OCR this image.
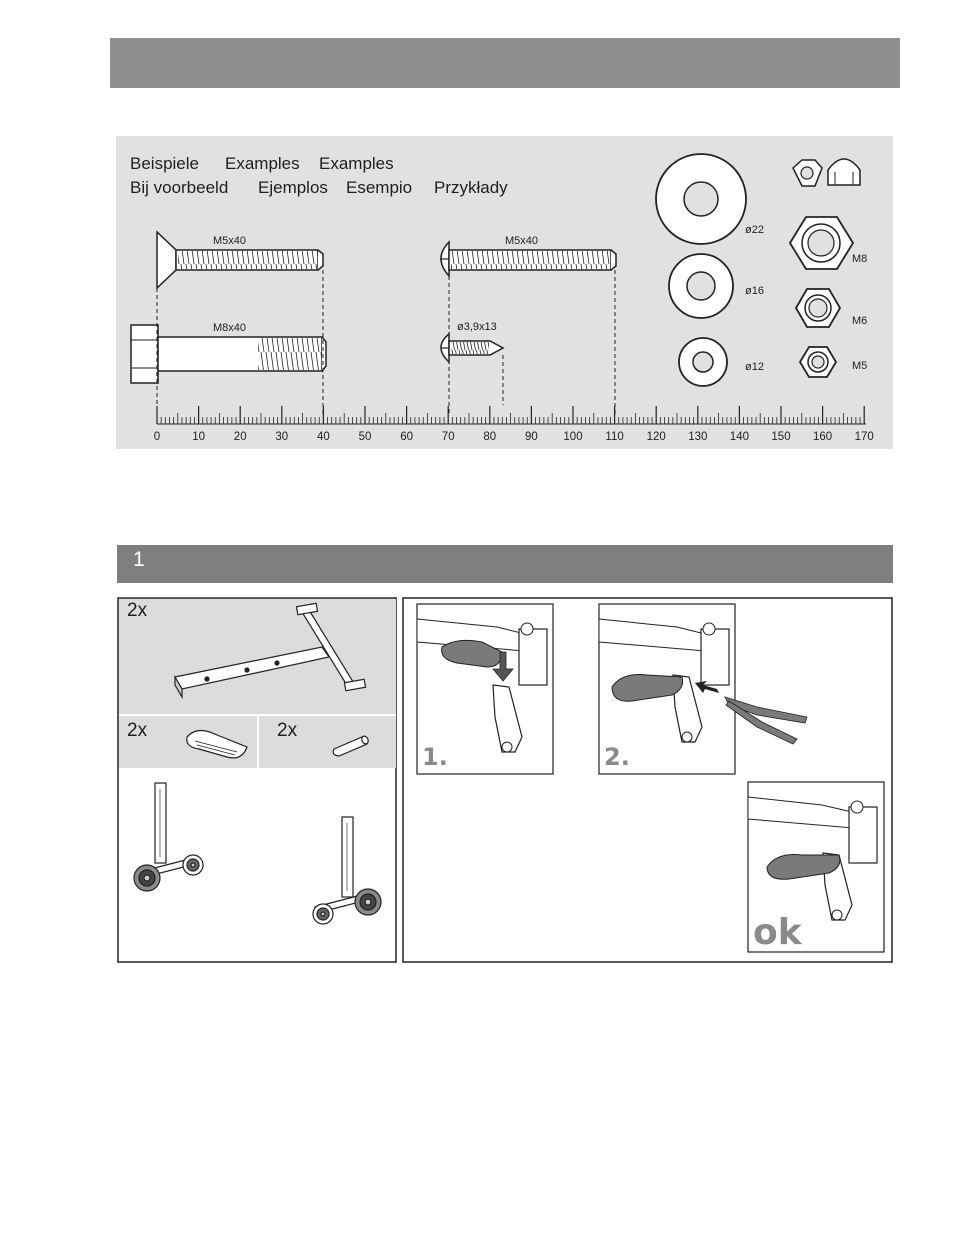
Beispiele Examples Examples
Bij voorbeeld Ejemplos Esempio Przykłady
M5x40
M8x40
M5x40
ø3,9x13
ø22
ø16
ø12
M8
M6
M5
0	10	20	30	40	50	60	70	80	90 100 110 120 130 140 150 160 170
1
1.	2.
ok
2x
2x	2x
